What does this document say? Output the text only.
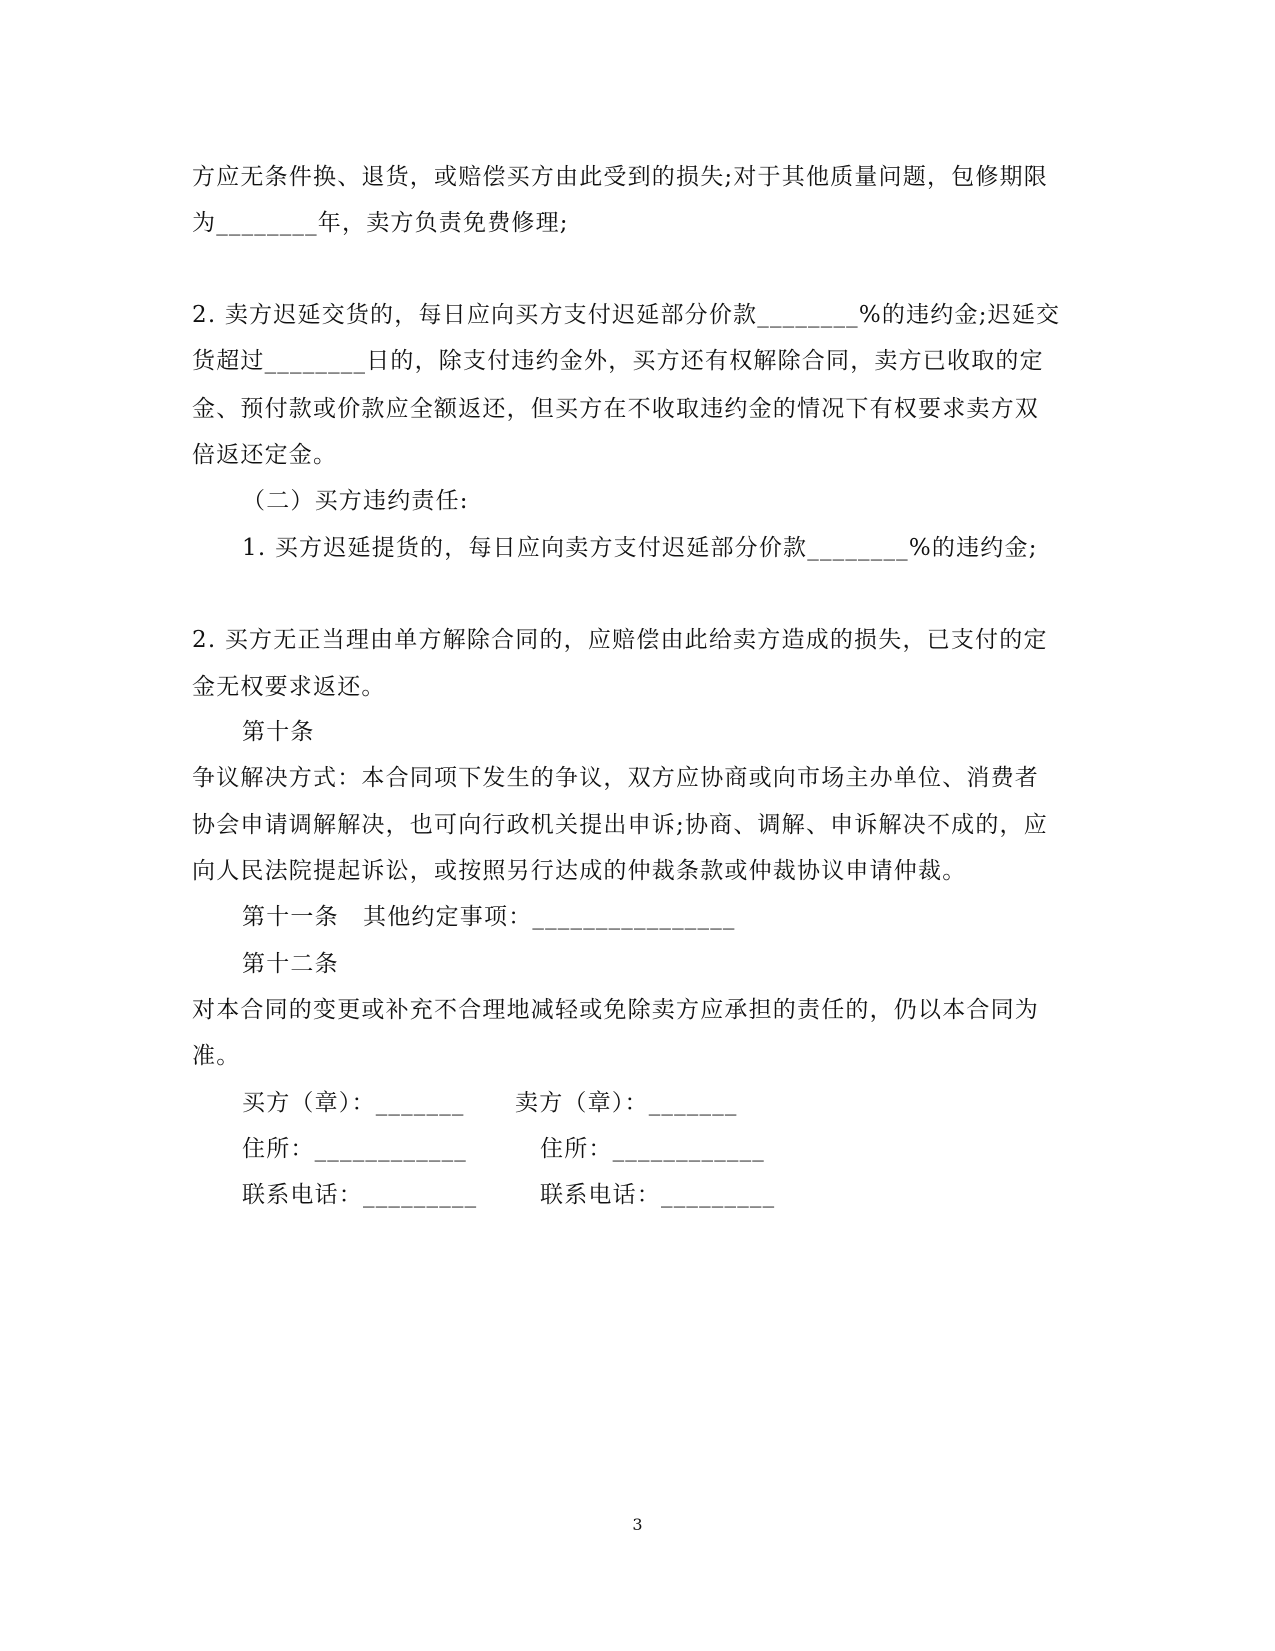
方应无条件换、退货，或赔偿买方由此受到的损失;对于其他质量问题，包修期限
为________年，卖方负责免费修理;
2. 卖方迟延交货的，每日应向买方支付迟延部分价款________%的违约金;迟延交
货超过________日的，除支付违约金外，买方还有权解除合同，卖方已收取的定
金、预付款或价款应全额返还，但买方在不收取违约金的情况下有权要求卖方双
倍返还定金。
（二）买方违约责任:
1. 买方迟延提货的，每日应向卖方支付迟延部分价款________%的违约金;
2. 买方无正当理由单方解除合同的，应赔偿由此给卖方造成的损失，已支付的定
金无权要求返还。
第十条
争议解决方式：本合同项下发生的争议，双方应协商或向市场主办单位、消费者
协会申请调解解决，也可向行政机关提出申诉;协商、调解、申诉解决不成的，应
向人民法院提起诉讼，或按照另行达成的仲裁条款或仲裁协议申请仲裁。
第十一条　其他约定事项：________________
第十二条
对本合同的变更或补充不合理地减轻或免除卖方应承担的责任的，仍以本合同为
准。
买方（章）：_______ 卖方（章）：_______
住所：____________	住所：____________
联系电话：_________	联系电话：_________
3
